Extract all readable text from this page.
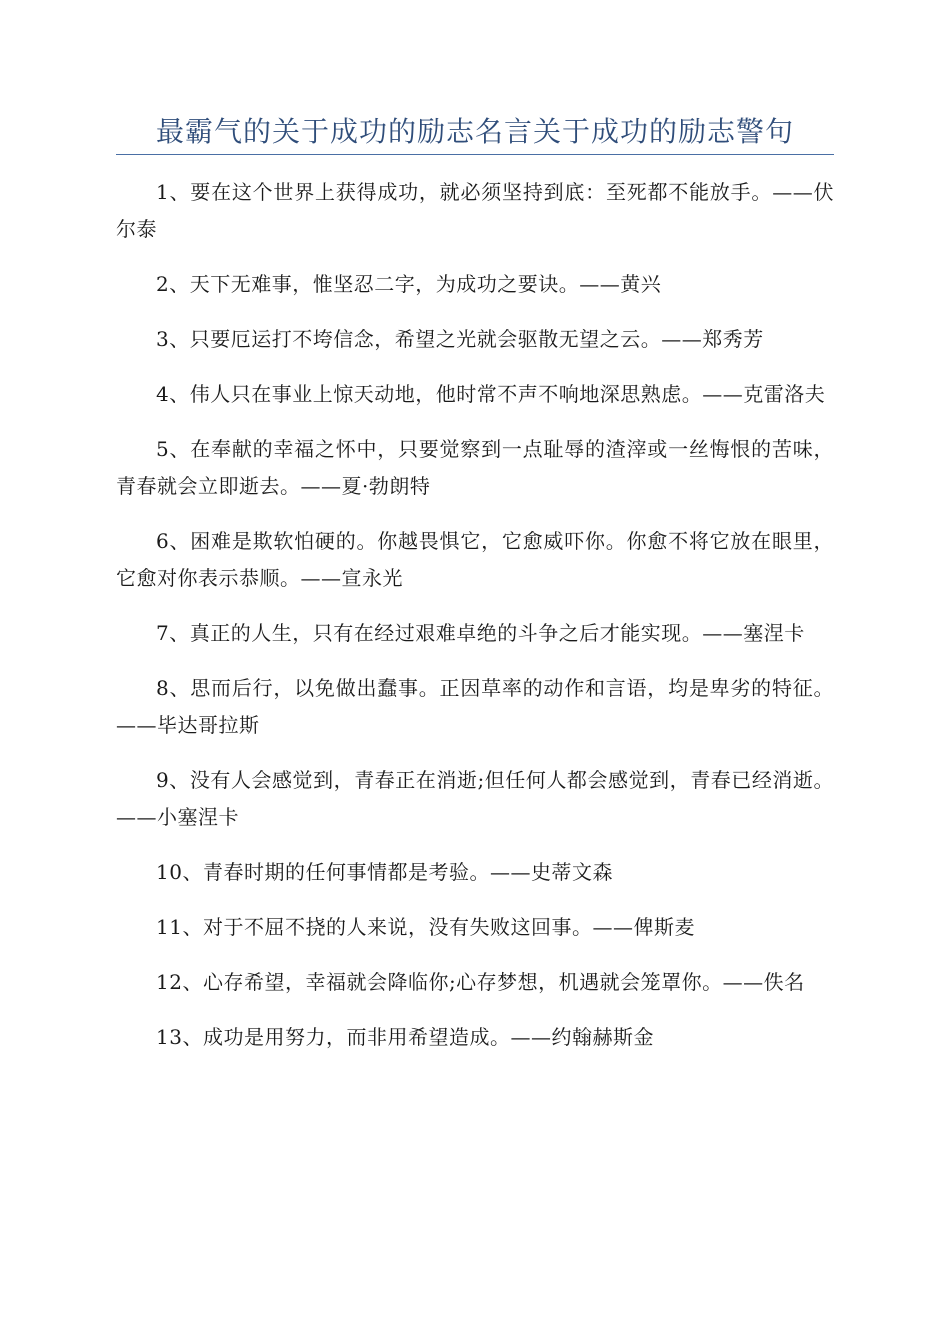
最霸气的关于成功的励志名言关于成功的励志警句

1、要在这个世界上获得成功，就必须坚持到底：至死都不能放手。——伏尔泰

2、天下无难事，惟坚忍二字，为成功之要诀。——黄兴

3、只要厄运打不垮信念，希望之光就会驱散无望之云。——郑秀芳

4、伟人只在事业上惊天动地，他时常不声不响地深思熟虑。——克雷洛夫

5、在奉献的幸福之怀中，只要觉察到一点耻辱的渣滓或一丝悔恨的苦味，青春就会立即逝去。——夏·勃朗特

6、困难是欺软怕硬的。你越畏惧它，它愈威吓你。你愈不将它放在眼里，它愈对你表示恭顺。——宣永光

7、真正的人生，只有在经过艰难卓绝的斗争之后才能实现。——塞涅卡

8、思而后行，以免做出蠢事。正因草率的动作和言语，均是卑劣的特征。——毕达哥拉斯

9、没有人会感觉到，青春正在消逝;但任何人都会感觉到，青春已经消逝。——小塞涅卡

10、青春时期的任何事情都是考验。——史蒂文森

11、对于不屈不挠的人来说，没有失败这回事。——俾斯麦

12、心存希望，幸福就会降临你;心存梦想，机遇就会笼罩你。——佚名

13、成功是用努力，而非用希望造成。——约翰赫斯金
